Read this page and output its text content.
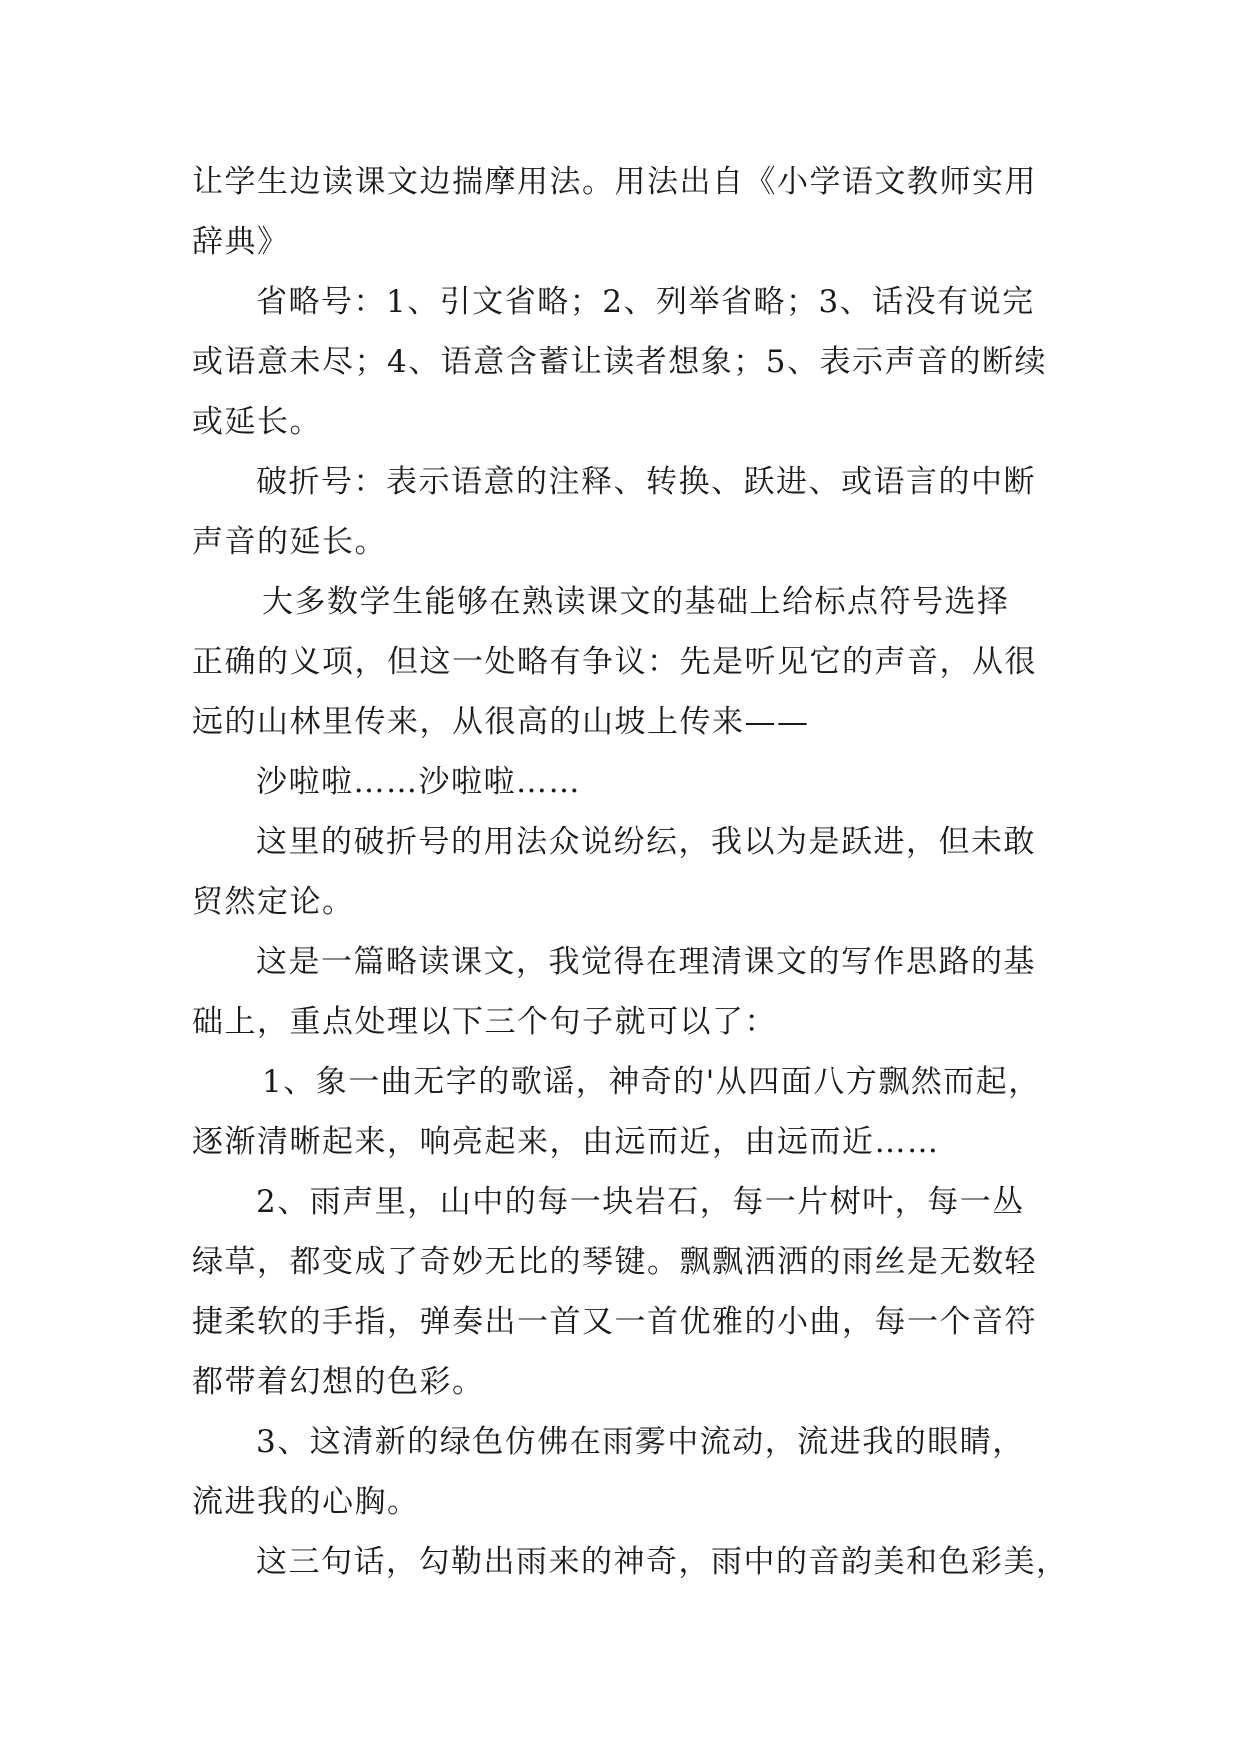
让学生边读课文边揣摩用法。用法出自《小学语文教师实用

辞典》

省略号：1、引文省略；2、列举省略；3、话没有说完

或语意未尽；4、语意含蓄让读者想象；5、表示声音的断续

或延长。

破折号：表示语意的注释、转换、跃进、或语言的中断

声音的延长。

大多数学生能够在熟读课文的基础上给标点符号选择

正确的义项，但这一处略有争议：先是听见它的声音，从很

远的山林里传来，从很高的山坡上传来——

沙啦啦……沙啦啦……

这里的破折号的用法众说纷纭，我以为是跃进，但未敢

贸然定论。

这是一篇略读课文，我觉得在理清课文的写作思路的基

础上，重点处理以下三个句子就可以了：

1、象一曲无字的歌谣，神奇的'从四面八方飘然而起，

逐渐清晰起来，响亮起来，由远而近，由远而近……

2、雨声里，山中的每一块岩石，每一片树叶，每一丛

绿草，都变成了奇妙无比的琴键。飘飘洒洒的雨丝是无数轻

捷柔软的手指，弹奏出一首又一首优雅的小曲，每一个音符

都带着幻想的色彩。

3、这清新的绿色仿佛在雨雾中流动，流进我的眼睛，

流进我的心胸。

这三句话，勾勒出雨来的神奇，雨中的音韵美和色彩美，
